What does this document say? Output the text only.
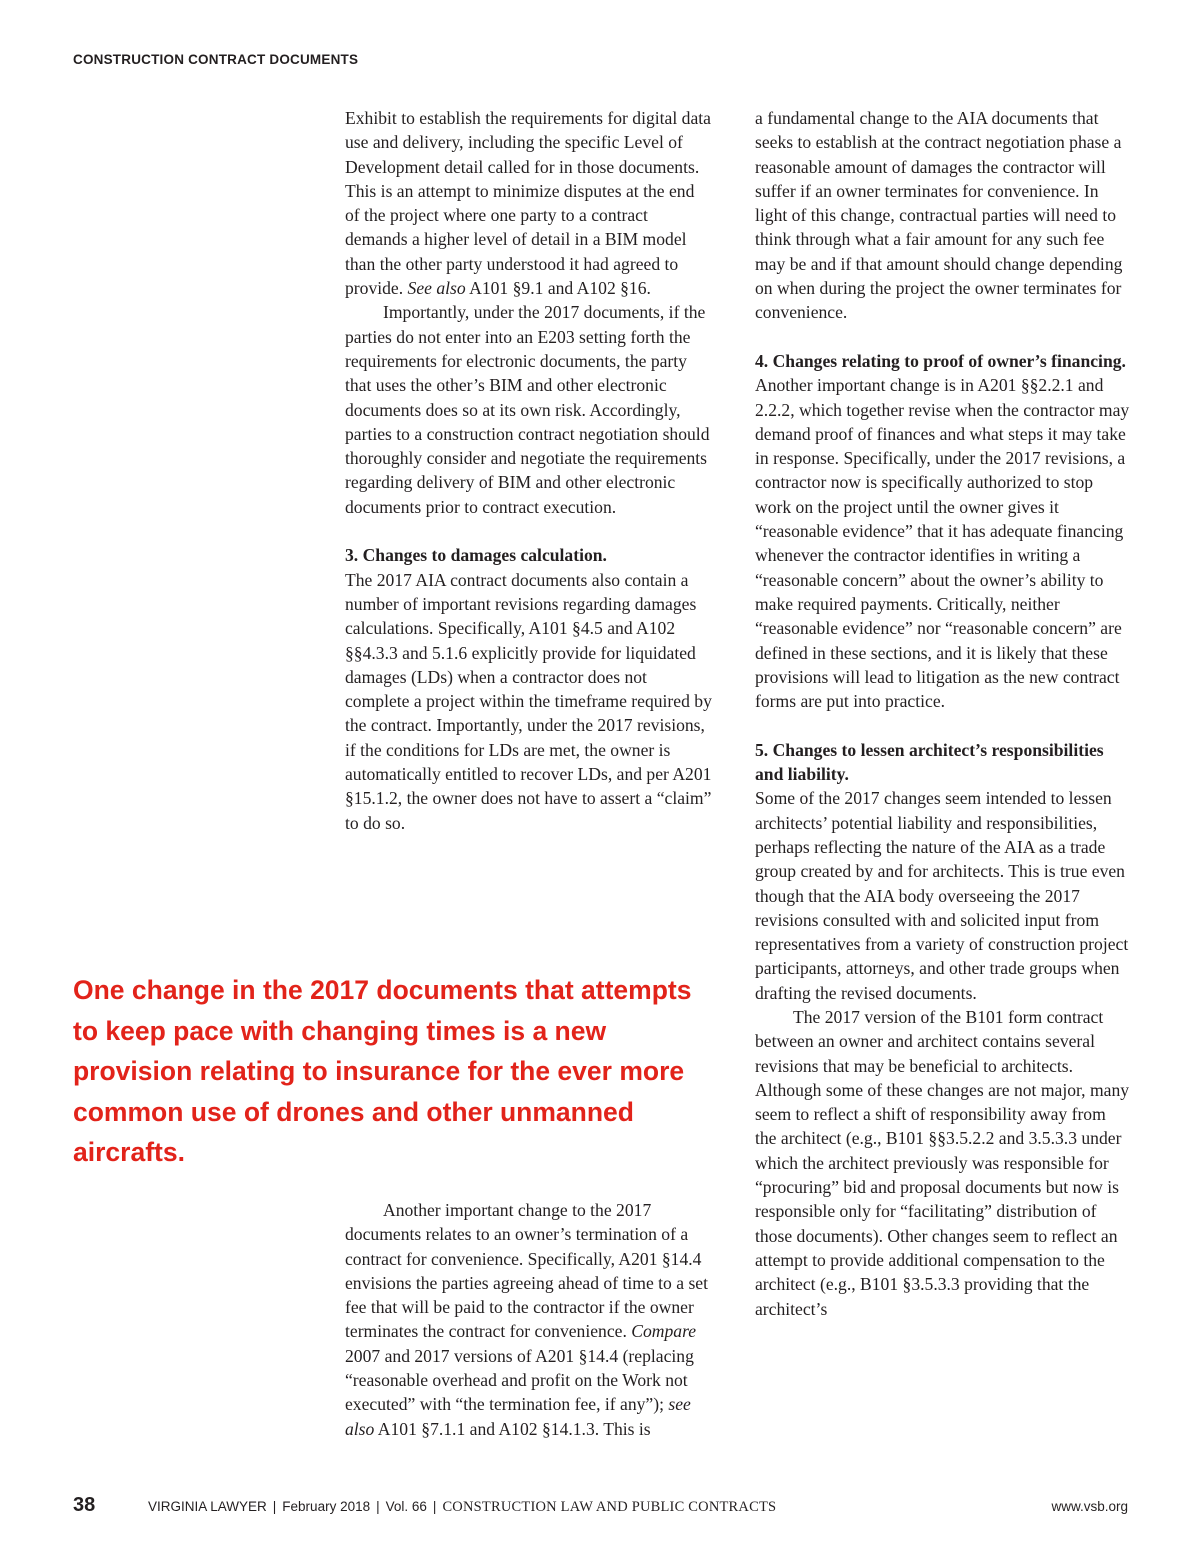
CONSTRUCTION CONTRACT DOCUMENTS

Exhibit to establish the requirements for digital data use and delivery, including the specific Level of Development detail called for in those documents. This is an attempt to minimize disputes at the end of the project where one party to a contract demands a higher level of detail in a BIM model than the other party understood it had agreed to provide. See also A101 §9.1 and A102 §16.

Importantly, under the 2017 documents, if the parties do not enter into an E203 setting forth the requirements for electronic documents, the party that uses the other’s BIM and other electronic documents does so at its own risk. Accordingly, parties to a construction contract negotiation should thoroughly consider and negotiate the requirements regarding delivery of BIM and other electronic documents prior to contract execution.

3. Changes to damages calculation.

The 2017 AIA contract documents also contain a number of important revisions regarding damages calculations. Specifically, A101 §4.5 and A102 §§4.3.3 and 5.1.6 explicitly provide for liquidated damages (LDs) when a contractor does not complete a project within the timeframe required by the contract. Importantly, under the 2017 revisions, if the conditions for LDs are met, the owner is automatically entitled to recover LDs, and per A201 §15.1.2, the owner does not have to assert a “claim” to do so.

One change in the 2017 documents that attempts to keep pace with changing times is a new provision relating to insurance for the ever more common use of drones and other unmanned aircrafts.

Another important change to the 2017 documents relates to an owner’s termination of a contract for convenience. Specifically, A201 §14.4 envisions the parties agreeing ahead of time to a set fee that will be paid to the contractor if the owner terminates the contract for convenience. Compare 2007 and 2017 versions of A201 §14.4 (replacing “reasonable overhead and profit on the Work not executed” with “the termination fee, if any”); see also A101 §7.1.1 and A102 §14.1.3. This is

a fundamental change to the AIA documents that seeks to establish at the contract negotiation phase a reasonable amount of damages the contractor will suffer if an owner terminates for convenience. In light of this change, contractual parties will need to think through what a fair amount for any such fee may be and if that amount should change depending on when during the project the owner terminates for convenience.

4. Changes relating to proof of owner’s financing.

Another important change is in A201 §§2.2.1 and 2.2.2, which together revise when the contractor may demand proof of finances and what steps it may take in response. Specifically, under the 2017 revisions, a contractor now is specifically authorized to stop work on the project until the owner gives it “reasonable evidence” that it has adequate financing whenever the contractor identifies in writing a “reasonable concern” about the owner’s ability to make required payments. Critically, neither “reasonable evidence” nor “reasonable concern” are defined in these sections, and it is likely that these provisions will lead to litigation as the new contract forms are put into practice.

5. Changes to lessen architect’s responsibilities and liability.

Some of the 2017 changes seem intended to lessen architects’ potential liability and responsibilities, perhaps reflecting the nature of the AIA as a trade group created by and for architects. This is true even though that the AIA body overseeing the 2017 revisions consulted with and solicited input from representatives from a variety of construction project participants, attorneys, and other trade groups when drafting the revised documents.

The 2017 version of the B101 form contract between an owner and architect contains several revisions that may be beneficial to architects. Although some of these changes are not major, many seem to reflect a shift of responsibility away from the architect (e.g., B101 §§3.5.2.2 and 3.5.3.3 under which the architect previously was responsible for “procuring” bid and proposal documents but now is responsible only for “facilitating” distribution of those documents). Other changes seem to reflect an attempt to provide additional compensation to the architect (e.g., B101 §3.5.3.3 providing that the architect’s

38	VIRGINIA LAWYER | February 2018 | Vol. 66 | CONSTRUCTION LAW AND PUBLIC CONTRACTS	www.vsb.org
